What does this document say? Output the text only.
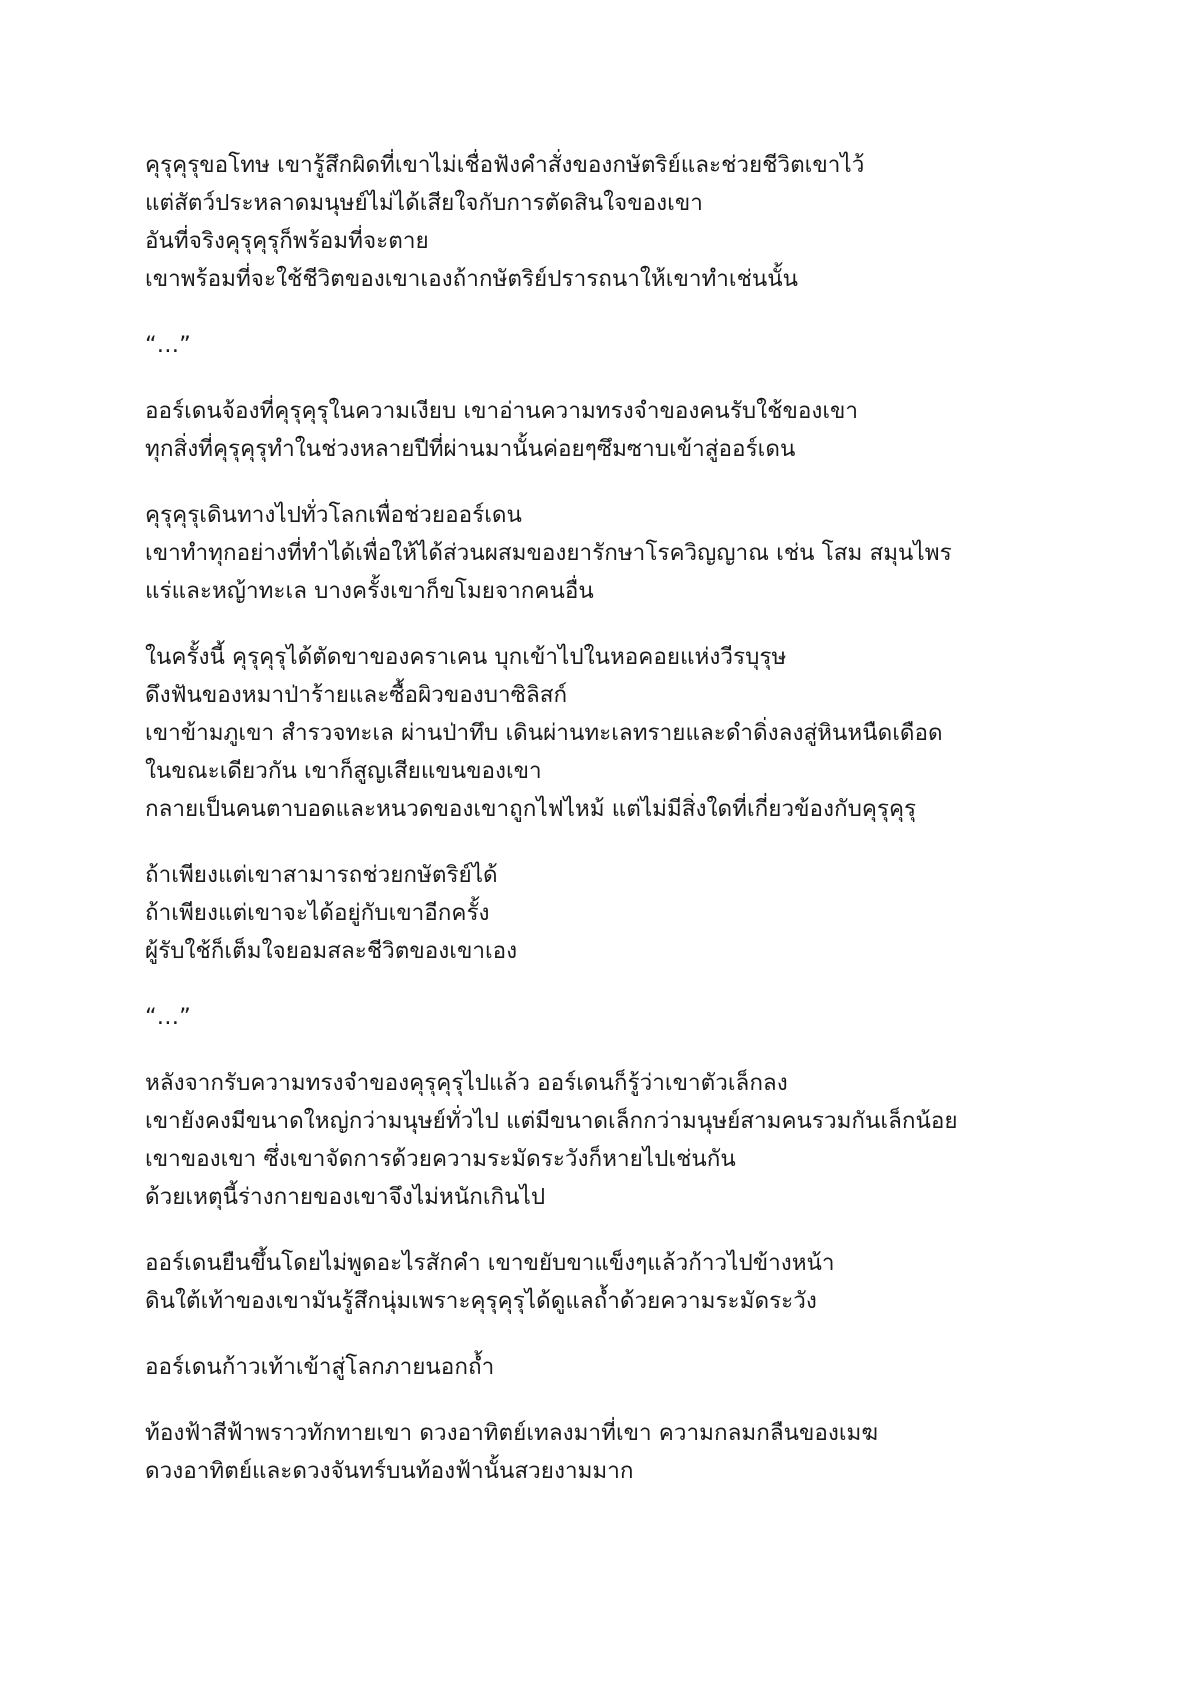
คุรุคุรุขอโทษ เขารู้สึกผิดที่เขาไม่เชื่อฟังคำสั่งของกษัตริย์และช่วยชีวิตเขาไว้
แต่สัตว์ประหลาดมนุษย์ไม่ได้เสียใจกับการตัดสินใจของเขา
อันที่จริงคุรุคุรุก็พร้อมที่จะตาย
เขาพร้อมที่จะใช้ชีวิตของเขาเองถ้ากษัตริย์ปรารถนาให้เขาทำเช่นนั้น

“…”

ออร์เดนจ้องที่คุรุคุรุในความเงียบ เขาอ่านความทรงจำของคนรับใช้ของเขา
ทุกสิ่งที่คุรุคุรุทำในช่วงหลายปีที่ผ่านมานั้นค่อยๆซึมซาบเข้าสู่ออร์เดน

คุรุคุรุเดินทางไปทั่วโลกเพื่อช่วยออร์เดน
เขาทำทุกอย่างที่ทำได้เพื่อให้ได้ส่วนผสมของยารักษาโรควิญญาณ เช่น โสม สมุนไพร
แร่และหญ้าทะเล บางครั้งเขาก็ขโมยจากคนอื่น

ในครั้งนี้ คุรุคุรุได้ตัดขาของคราเคน บุกเข้าไปในหอคอยแห่งวีรบุรุษ
ดึงฟันของหมาป่าร้ายและซื้อผิวของบาซิลิสก์
เขาข้ามภูเขา สำรวจทะเล ผ่านป่าทึบ เดินผ่านทะเลทรายและดำดิ่งลงสู่หินหนืดเดือด
ในขณะเดียวกัน เขาก็สูญเสียแขนของเขา
กลายเป็นคนตาบอดและหนวดของเขาถูกไฟไหม้ แต่ไม่มีสิ่งใดที่เกี่ยวข้องกับคุรุคุรุ

ถ้าเพียงแต่เขาสามารถช่วยกษัตริย์ได้
ถ้าเพียงแต่เขาจะได้อยู่กับเขาอีกครั้ง
ผู้รับใช้ก็เต็มใจยอมสละชีวิตของเขาเอง

“…”

หลังจากรับความทรงจำของคุรุคุรุไปแล้ว ออร์เดนก็รู้ว่าเขาตัวเล็กลง
เขายังคงมีขนาดใหญ่กว่ามนุษย์ทั่วไป แต่มีขนาดเล็กกว่ามนุษย์สามคนรวมกันเล็กน้อย
เขาของเขา ซึ่งเขาจัดการด้วยความระมัดระวังก็หายไปเช่นกัน
ด้วยเหตุนี้ร่างกายของเขาจึงไม่หนักเกินไป

ออร์เดนยืนขึ้นโดยไม่พูดอะไรสักคำ เขาขยับขาแข็งๆแล้วก้าวไปข้างหน้า
ดินใต้เท้าของเขามันรู้สึกนุ่มเพราะคุรุคุรุได้ดูแลถ้ำด้วยความระมัดระวัง

ออร์เดนก้าวเท้าเข้าสู่โลกภายนอกถ้ำ

ท้องฟ้าสีฟ้าพราวทักทายเขา ดวงอาทิตย์เทลงมาที่เขา ความกลมกลืนของเมฆ
ดวงอาทิตย์และดวงจันทร์บนท้องฟ้านั้นสวยงามมาก
